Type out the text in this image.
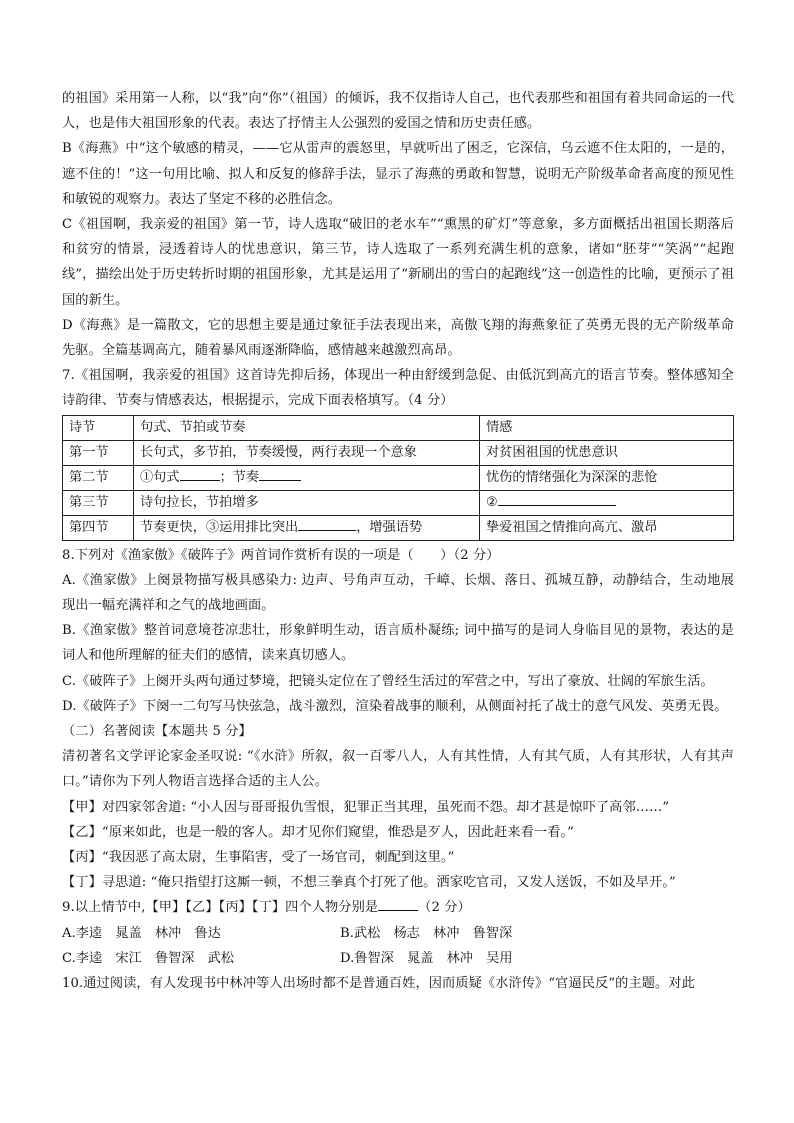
的祖国》采用第一人称，以“我”向“你”（祖国）的倾诉，我不仅指诗人自己，也代表那些和祖国有着共同命运的一代人，也是伟大祖国形象的代表。表达了抒情主人公强烈的爱国之情和历史责任感。

B《海燕》中“这个敏感的精灵，——它从雷声的震怒里，早就听出了困乏，它深信，乌云遮不住太阳的，一是的，遮不住的！”这一句用比喻、拟人和反复的修辞手法，显示了海燕的勇敢和智慧，说明无产阶级革命者高度的预见性和敏锐的观察力。表达了坚定不移的必胜信念。

C《祖国啊，我亲爱的祖国》第一节，诗人选取“破旧的老水车”“熏黑的矿灯”等意象，多方面概括出祖国长期落后和贫穷的情景，浸透着诗人的忧患意识，第三节，诗人选取了一系列充满生机的意象，诸如“胚芽”“笑涡”“起跑线”，描绘出处于历史转折时期的祖国形象，尤其是运用了“新刷出的雪白的起跑线”这一创造性的比喻，更预示了祖国的新生。

D《海燕》是一篇散文，它的思想主要是通过象征手法表现出来，高傲飞翔的海燕象征了英勇无畏的无产阶级革命先驱。全篇基调高亢，随着暴风雨逐渐降临，感情越来越激烈高昂。

7.《祖国啊，我亲爱的祖国》这首诗先抑后扬，体现出一种由舒缓到急促、由低沉到高亢的语言节奏。整体感知全诗韵律、节奏与情感表达，根据提示，完成下面表格填写。（4 分）

诗节	句式、节拍或节奏	情感
第一节	长句式，多节拍，节奏缓慢，两行表现一个意象	对贫困祖国的忧患意识
第二节	①句式 ；节奏	忧伤的情绪强化为深深的悲怆
第三节	诗句拉长，节拍增多	②
第四节	节奏更快，③运用排比突出 ，增强语势	挚爱祖国之情推向高亢、激昂

8.下列对《渔家傲》《破阵子》两首词作赏析有误的一项是（　　）（2 分）

A.《渔家傲》上阕景物描写极具感染力: 边声、号角声互动，千嶂、长烟、落日、孤城互静，动静结合，生动地展现出一幅充满祥和之气的战地画面。

B.《渔家傲》整首词意境苍凉悲壮，形象鲜明生动，语言质朴凝练; 词中描写的是词人身临目见的景物，表达的是词人和他所理解的征夫们的感情，读来真切感人。

C.《破阵子》上阕开头两句通过梦境，把镜头定位在了曾经生活过的军营之中，写出了豪放、壮阔的军旅生活。

D.《破阵子》下阕一二句写马快弦急，战斗激烈，渲染着战事的顺利，从侧面衬托了战士的意气风发、英勇无畏。

（二）名著阅读【本题共 5 分】

清初著名文学评论家金圣叹说: “《水浒》所叙，叙一百零八人，人有其性情，人有其气质，人有其形状，人有其声口。”请你为下列人物语言选择合适的主人公。

【甲】对四家邻舍道: “小人因与哥哥报仇雪恨，犯罪正当其理，虽死而不怨。却才甚是惊吓了高邻……”

【乙】“原来如此，也是一般的客人。却才见你们窥望，惟恐是歹人，因此赶来看一看。”

【丙】“我因恶了高太尉，生事陷害，受了一场官司，刺配到这里。”

【丁】寻思道: “俺只指望打这厮一顿，不想三拳真个打死了他。洒家吃官司，又发人送饭，不如及早开。”

9.以上情节中,【甲】【乙】【丙】【丁】四个人物分别是	（2 分）

A.李逵　晁盖　林冲　鲁达	B.武松　杨志　林冲　鲁智深
C.李逵　宋江　鲁智深　武松	D.鲁智深　晁盖　林冲　吴用

10.通过阅读，有人发现书中林冲等人出场时都不是普通百姓，因而质疑《水浒传》“官逼民反”的主题。对此
